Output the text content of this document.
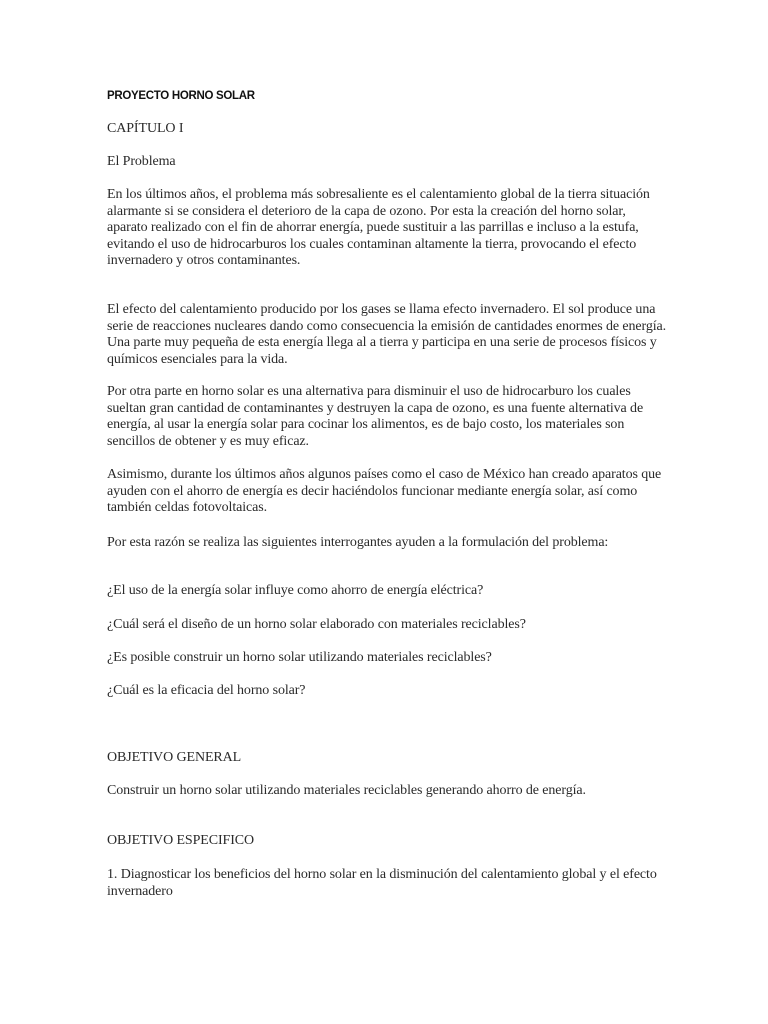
PROYECTO HORNO SOLAR

CAPÍTULO I

El Problema

En los últimos años, el problema más sobresaliente es el calentamiento global de la tierra situación alarmante si se considera el deterioro de la capa de ozono. Por esta la creación del horno solar, aparato realizado con el fin de ahorrar energía, puede sustituir a las parrillas e incluso a la estufa, evitando el uso de hidrocarburos los cuales contaminan altamente la tierra, provocando el efecto invernadero y otros contaminantes.

El efecto del calentamiento producido por los gases se llama efecto invernadero. El sol produce una serie de reacciones nucleares dando como consecuencia la emisión de cantidades enormes de energía. Una parte muy pequeña de esta energía llega al a tierra y participa en una serie de procesos físicos y químicos esenciales para la vida.

Por otra parte en horno solar es una alternativa para disminuir el uso de hidrocarburo los cuales sueltan gran cantidad de contaminantes y destruyen la capa de ozono, es una fuente alternativa de energía, al usar la energía solar para cocinar los alimentos, es de bajo costo, los materiales son sencillos de obtener y es muy eficaz.

Asimismo, durante los últimos años algunos países como el caso de México han creado aparatos que ayuden con el ahorro de energía es decir haciéndolos funcionar mediante energía solar, así como también celdas fotovoltaicas.

Por esta razón se realiza las siguientes interrogantes ayuden a la formulación del problema:

¿El uso de la energía solar influye como ahorro de energía eléctrica?

¿Cuál será el diseño de un horno solar elaborado con materiales reciclables?

¿Es posible construir un horno solar utilizando materiales reciclables?

¿Cuál es la eficacia del horno solar?

OBJETIVO GENERAL

Construir un horno solar utilizando materiales reciclables generando ahorro de energía.

OBJETIVO ESPECIFICO

1. Diagnosticar los beneficios del horno solar en la disminución del calentamiento global y el efecto invernadero
